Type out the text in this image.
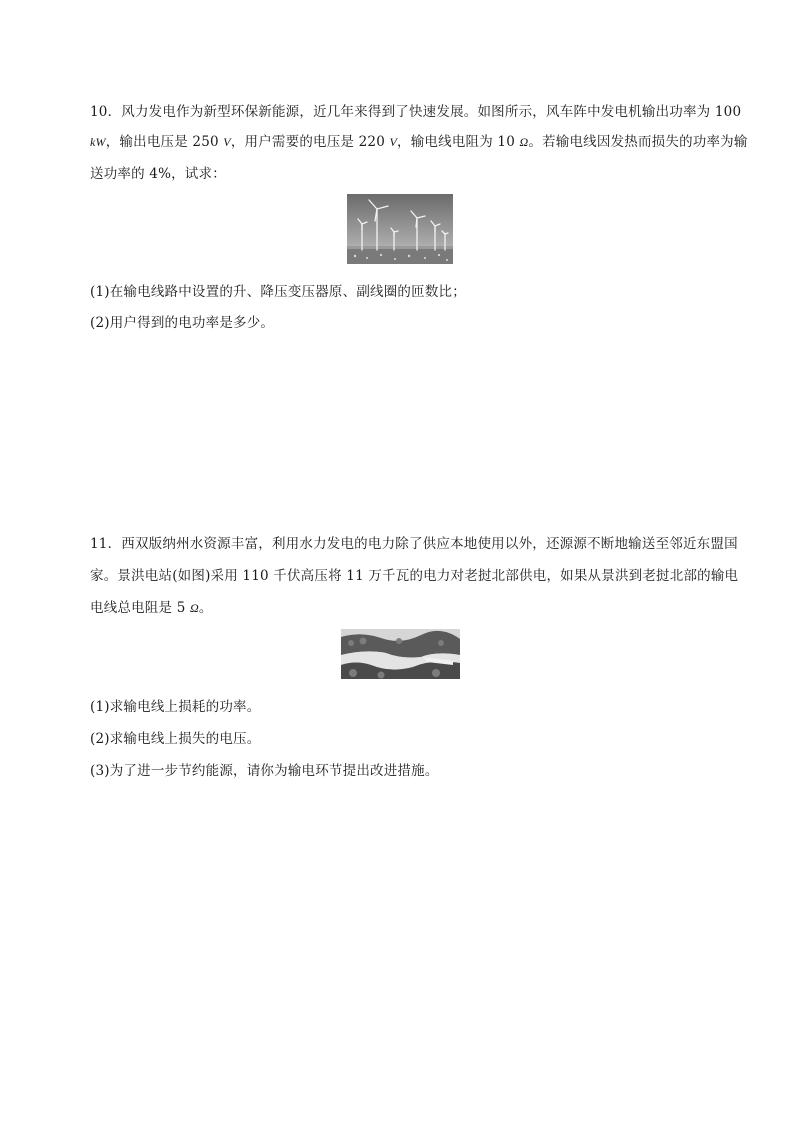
10．风力发电作为新型环保新能源，近几年来得到了快速发展。如图所示，风车阵中发电机输出功率为 100
kW，输出电压是 250 V，用户需要的电压是 220 V，输电线电阻为 10 Ω。若输电线因发热而损失的功率为输
送功率的 4%，试求：
(1)在输电线路中设置的升、降压变压器原、副线圈的匝数比；
(2)用户得到的电功率是多少。
11．西双版纳州水资源丰富，利用水力发电的电力除了供应本地使用以外，还源源不断地输送至邻近东盟国
家。景洪电站(如图)采用 110 千伏高压将 11 万千瓦的电力对老挝北部供电，如果从景洪到老挝北部的输电
电线总电阻是 5 Ω。
(1)求输电线上损耗的功率。
(2)求输电线上损失的电压。
(3)为了进一步节约能源，请你为输电环节提出改进措施。
